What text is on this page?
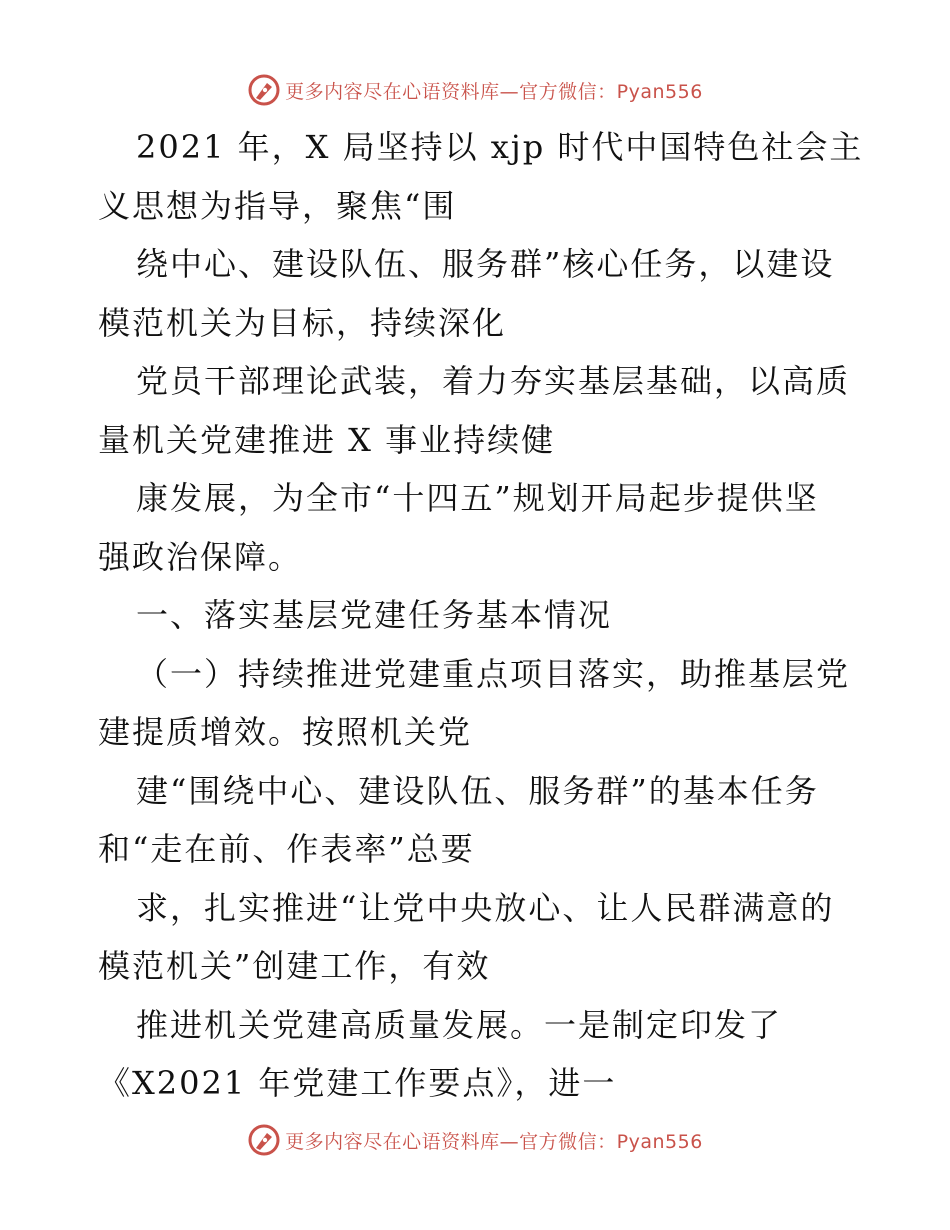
更多内容尽在心语资料库—官方微信：Pyan556

2021 年，X 局坚持以 xjp 时代中国特色社会主
义思想为指导，聚焦“围
绕中心、建设队伍、服务群”核心任务，以建设
模范机关为目标，持续深化
党员干部理论武装，着力夯实基层基础，以高质
量机关党建推进 X 事业持续健
康发展，为全市“十四五”规划开局起步提供坚
强政治保障。

一、落实基层党建任务基本情况

（一）持续推进党建重点项目落实，助推基层党
建提质增效。按照机关党
建“围绕中心、建设队伍、服务群”的基本任务
和“走在前、作表率”总要
求，扎实推进“让党中央放心、让人民群满意的
模范机关”创建工作，有效
推进机关党建高质量发展。一是制定印发了
《X2021 年党建工作要点》，进一

更多内容尽在心语资料库—官方微信：Pyan556
